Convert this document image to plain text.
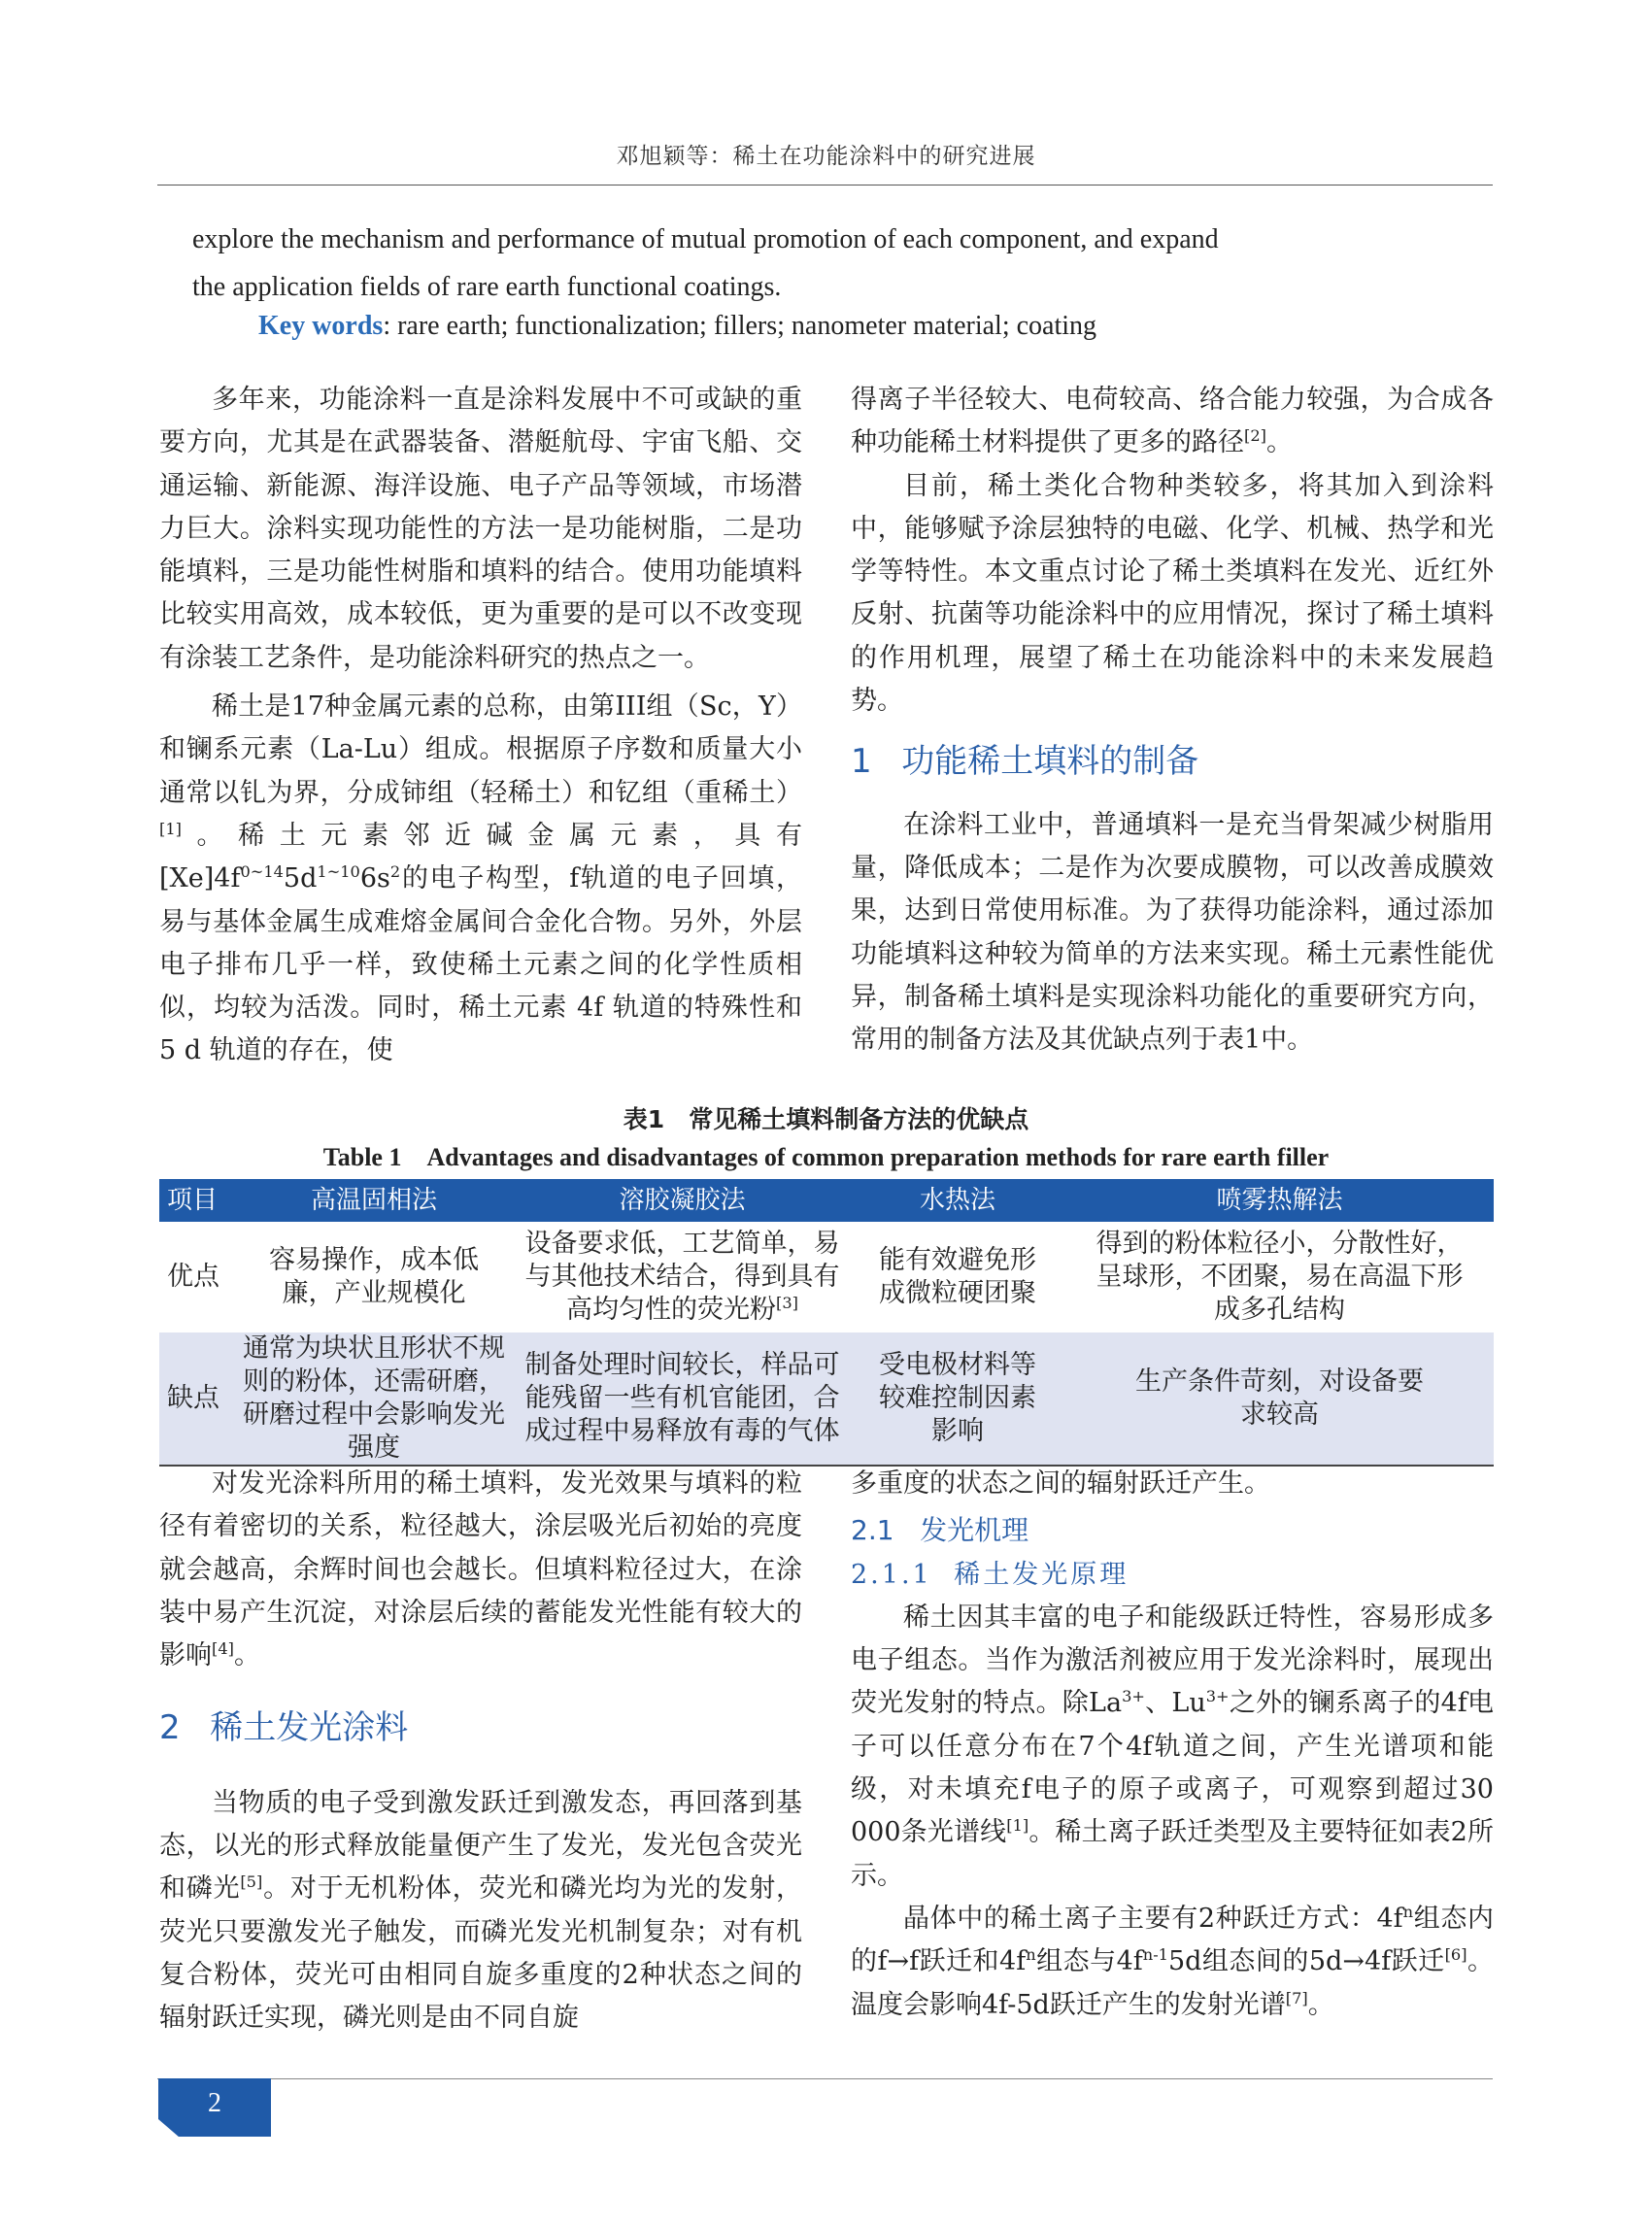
邓旭颖等：稀土在功能涂料中的研究进展

explore the mechanism and performance of mutual promotion of each component, and expand

the application fields of rare earth functional coatings.

Key words: rare earth; functionalization; fillers; nanometer material; coating

多年来，功能涂料一直是涂料发展中不可或缺的重要方向，尤其是在武器装备、潜艇航母、宇宙飞船、交通运输、新能源、海洋设施、电子产品等领域，市场潜力巨大。涂料实现功能性的方法一是功能树脂，二是功能填料，三是功能性树脂和填料的结合。使用功能填料比较实用高效，成本较低，更为重要的是可以不改变现有涂装工艺条件，是功能涂料研究的热点之一。

稀土是17种金属元素的总称，由第III组（Sc，Y）和镧系元素（La-Lu）组成。根据原子序数和质量大小通常以钆为界，分成铈组（轻稀土）和钇组（重稀土）[1]。稀土元素邻近碱金属元素，具有$[Xe]4f^{0\sim 14}5d^{1\sim 10}6s^2$的电子构型，f轨道的电子回填，易与基体金属生成难熔金属间合金化合物。另外，外层电子排布几乎一样，致使稀土元素之间的化学性质相似，均较为活泼。同时，稀土元素 4f 轨道的特殊性和 5 d 轨道的存在，使

得离子半径较大、电荷较高、络合能力较强，为合成各种功能稀土材料提供了更多的路径[2]。

目前，稀土类化合物种类较多，将其加入到涂料中，能够赋予涂层独特的电磁、化学、机械、热学和光学等特性。本文重点讨论了稀土类填料在发光、近红外反射、抗菌等功能涂料中的应用情况，探讨了稀土填料的作用机理，展望了稀土在功能涂料中的未来发展趋势。

1 功能稀土填料的制备

在涂料工业中，普通填料一是充当骨架减少树脂用量，降低成本；二是作为次要成膜物，可以改善成膜效果，达到日常使用标准。为了获得功能涂料，通过添加功能填料这种较为简单的方法来实现。稀土元素性能优异，制备稀土填料是实现涂料功能化的重要研究方向，常用的制备方法及其优缺点列于表1中。

表1　常见稀土填料制备方法的优缺点
Table 1　Advantages and disadvantages of common preparation methods for rare earth filler
项目	高温固相法	溶胶凝胶法	水热法	喷雾热解法
优点	容易操作，成本低廉，产业规模化	设备要求低，工艺简单，易与其他技术结合，得到具有高均匀性的荧光粉[3]	能有效避免形成微粒硬团聚	得到的粉体粒径小，分散性好，呈球形，不团聚，易在高温下形成多孔结构
缺点	通常为块状且形状不规则的粉体，还需研磨，研磨过程中会影响发光强度	制备处理时间较长，样品可能残留一些有机官能团，合成过程中易释放有毒的气体	受电极材料等较难控制因素影响	生产条件苛刻，对设备要求较高

对发光涂料所用的稀土填料，发光效果与填料的粒径有着密切的关系，粒径越大，涂层吸光后初始的亮度就会越高，余辉时间也会越长。但填料粒径过大，在涂装中易产生沉淀，对涂层后续的蓄能发光性能有较大的影响[4]。

2 稀土发光涂料

当物质的电子受到激发跃迁到激发态，再回落到基态，以光的形式释放能量便产生了发光，发光包含荧光和磷光[5]。对于无机粉体，荧光和磷光均为光的发射，荧光只要激发光子触发，而磷光发光机制复杂；对有机复合粉体，荧光可由相同自旋多重度的2种状态之间的辐射跃迁实现，磷光则是由不同自旋

多重度的状态之间的辐射跃迁产生。

2.1 发光机理
2.1.1 稀土发光原理

稀土因其丰富的电子和能级跃迁特性，容易形成多电子组态。当作为激活剂被应用于发光涂料时，展现出荧光发射的特点。除$La^{3+}$、$Lu^{3+}$之外的镧系离子的4f电子可以任意分布在7个4f轨道之间，产生光谱项和能级，对未填充f电子的原子或离子，可观察到超过30 000条光谱线[1]。稀土离子跃迁类型及主要特征如表2所示。

晶体中的稀土离子主要有2种跃迁方式：$4f^n$组态内的f→f跃迁和$4f^n$组态与$4f^{n-1}5d$组态间的5d→4f跃迁[6]。温度会影响4f-5d跃迁产生的发射光谱[7]。

2
